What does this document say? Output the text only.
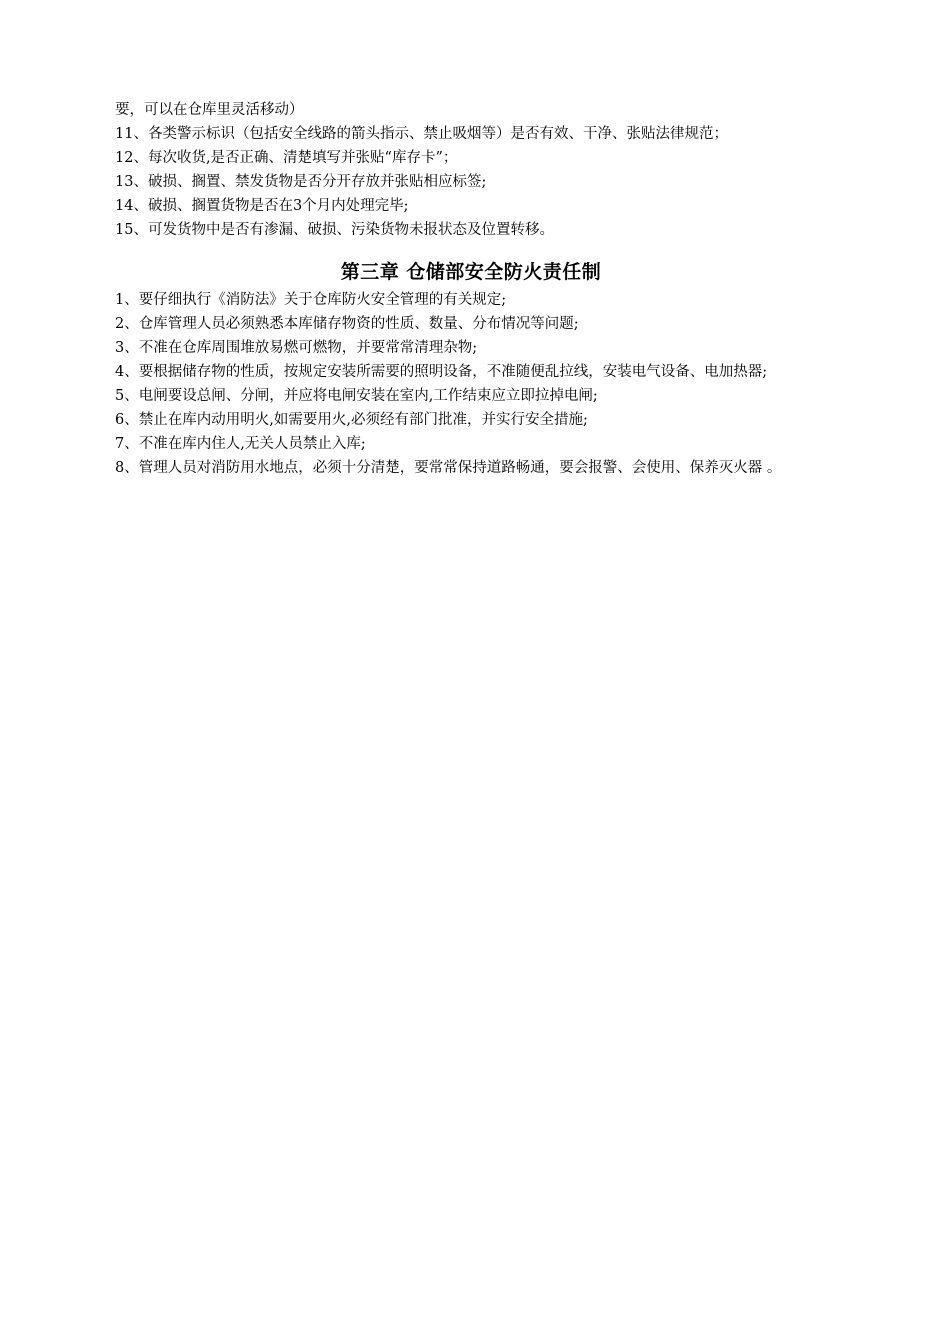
要，可以在仓库里灵活移动）

11、各类警示标识（包括安全线路的箭头指示、禁止吸烟等）是否有效、干净、张贴法律规范；

12、每次收货,是否正确、清楚填写并张贴“库存卡”；

13、破损、搁置、禁发货物是否分开存放并张贴相应标签;

14、破损、搁置货物是否在3个月内处理完毕;

15、可发货物中是否有渗漏、破损、污染货物未报状态及位置转移。

第三章 仓储部安全防火责任制

1、要仔细执行《消防法》关于仓库防火安全管理的有关规定;

2、仓库管理人员必须熟悉本库储存物资的性质、数量、分布情况等问题;

3、不准在仓库周围堆放易燃可燃物，并要常常清理杂物;

4、要根据储存物的性质，按规定安装所需要的照明设备，不准随便乱拉线，安装电气设备、电加热器;

5、电闸要设总闸、分闸，并应将电闸安装在室内,工作结束应立即拉掉电闸;

6、禁止在库内动用明火,如需要用火,必须经有部门批准，并实行安全措施;

7、不准在库内住人,无关人员禁止入库;

8、管理人员对消防用水地点，必须十分清楚，要常常保持道路畅通，要会报警、会使用、保养灭火器 。
